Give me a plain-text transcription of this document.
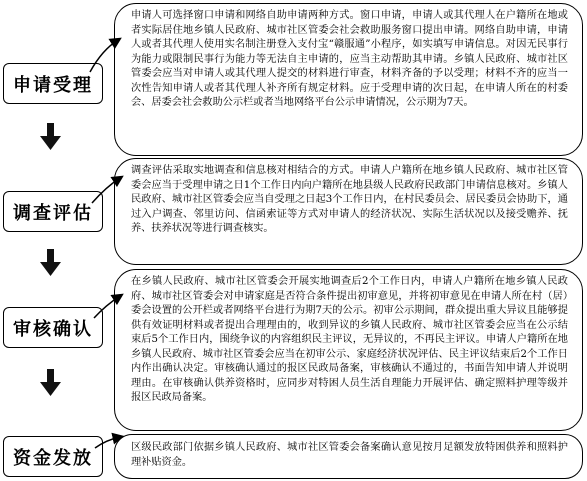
申请受理
调查评估
审核确认
资金发放
申请人可选择窗口申请和网络自助申请两种方式。窗口申请，申请人或其代理人在户籍所在地或者实际居住地乡镇人民政府、城市社区管委会社会救助服务窗口提出申请。网络自助申请，申请人或者其代理人使用实名制注册登入支付宝“赣服通”小程序，如实填写申请信息。对因无民事行为能力或限制民事行为能力等无法自主申请的，应当主动帮助其申请。乡镇人民政府、城市社区管委会应当对申请人或其代理人提交的材料进行审查，材料齐备的予以受理；材料不齐的应当一次性告知申请人或者其代理人补齐所有规定材料。应于受理申请的次日起，在申请人所在的村委会、居委会社会救助公示栏或者当地网络平台公示申请情况，公示期为7天。
调查评估采取实地调查和信息核对相结合的方式。申请人户籍所在地乡镇人民政府、城市社区管委会应当于受理申请之日1个工作日内向户籍所在地县级人民政府民政部门申请信息核对。乡镇人民政府、城市社区管委会应当自受理之日起3个工作日内，在村民委员会、居民委员会协助下，通过入户调查、邻里访问、信函索证等方式对申请人的经济状况、实际生活状况以及接受赡养、抚养、扶养状况等进行调查核实。
在乡镇人民政府、城市社区管委会开展实地调查后2个工作日内，申请人户籍所在地乡镇人民政府、城市社区管委会对申请家庭是否符合条件提出初审意见，并将初审意见在申请人所在村（居）委会设置的公开栏或者网络平台进行为期7天的公示。初审公示期间，群众提出重大异议且能够提供有效证明材料或者提出合理理由的，收到异议的乡镇人民政府、城市社区管委会应当在公示结束后5个工作日内，围绕争议的内容组织民主评议，无异议的，不再民主评议。申请人户籍所在地乡镇人民政府、城市社区管委会应当在初审公示、家庭经济状况评估、民主评议结束后2个工作日内作出确认决定。审核确认通过的报区民政局备案，审核确认不通过的，书面告知申请人并说明理由。在审核确认供养资格时，应同步对特困人员生活自理能力开展评估、确定照料护理等级并报区民政局备案。
区级民政部门依据乡镇人民政府、城市社区管委会备案确认意见按月足额发放特困供养和照料护理补贴资金。
